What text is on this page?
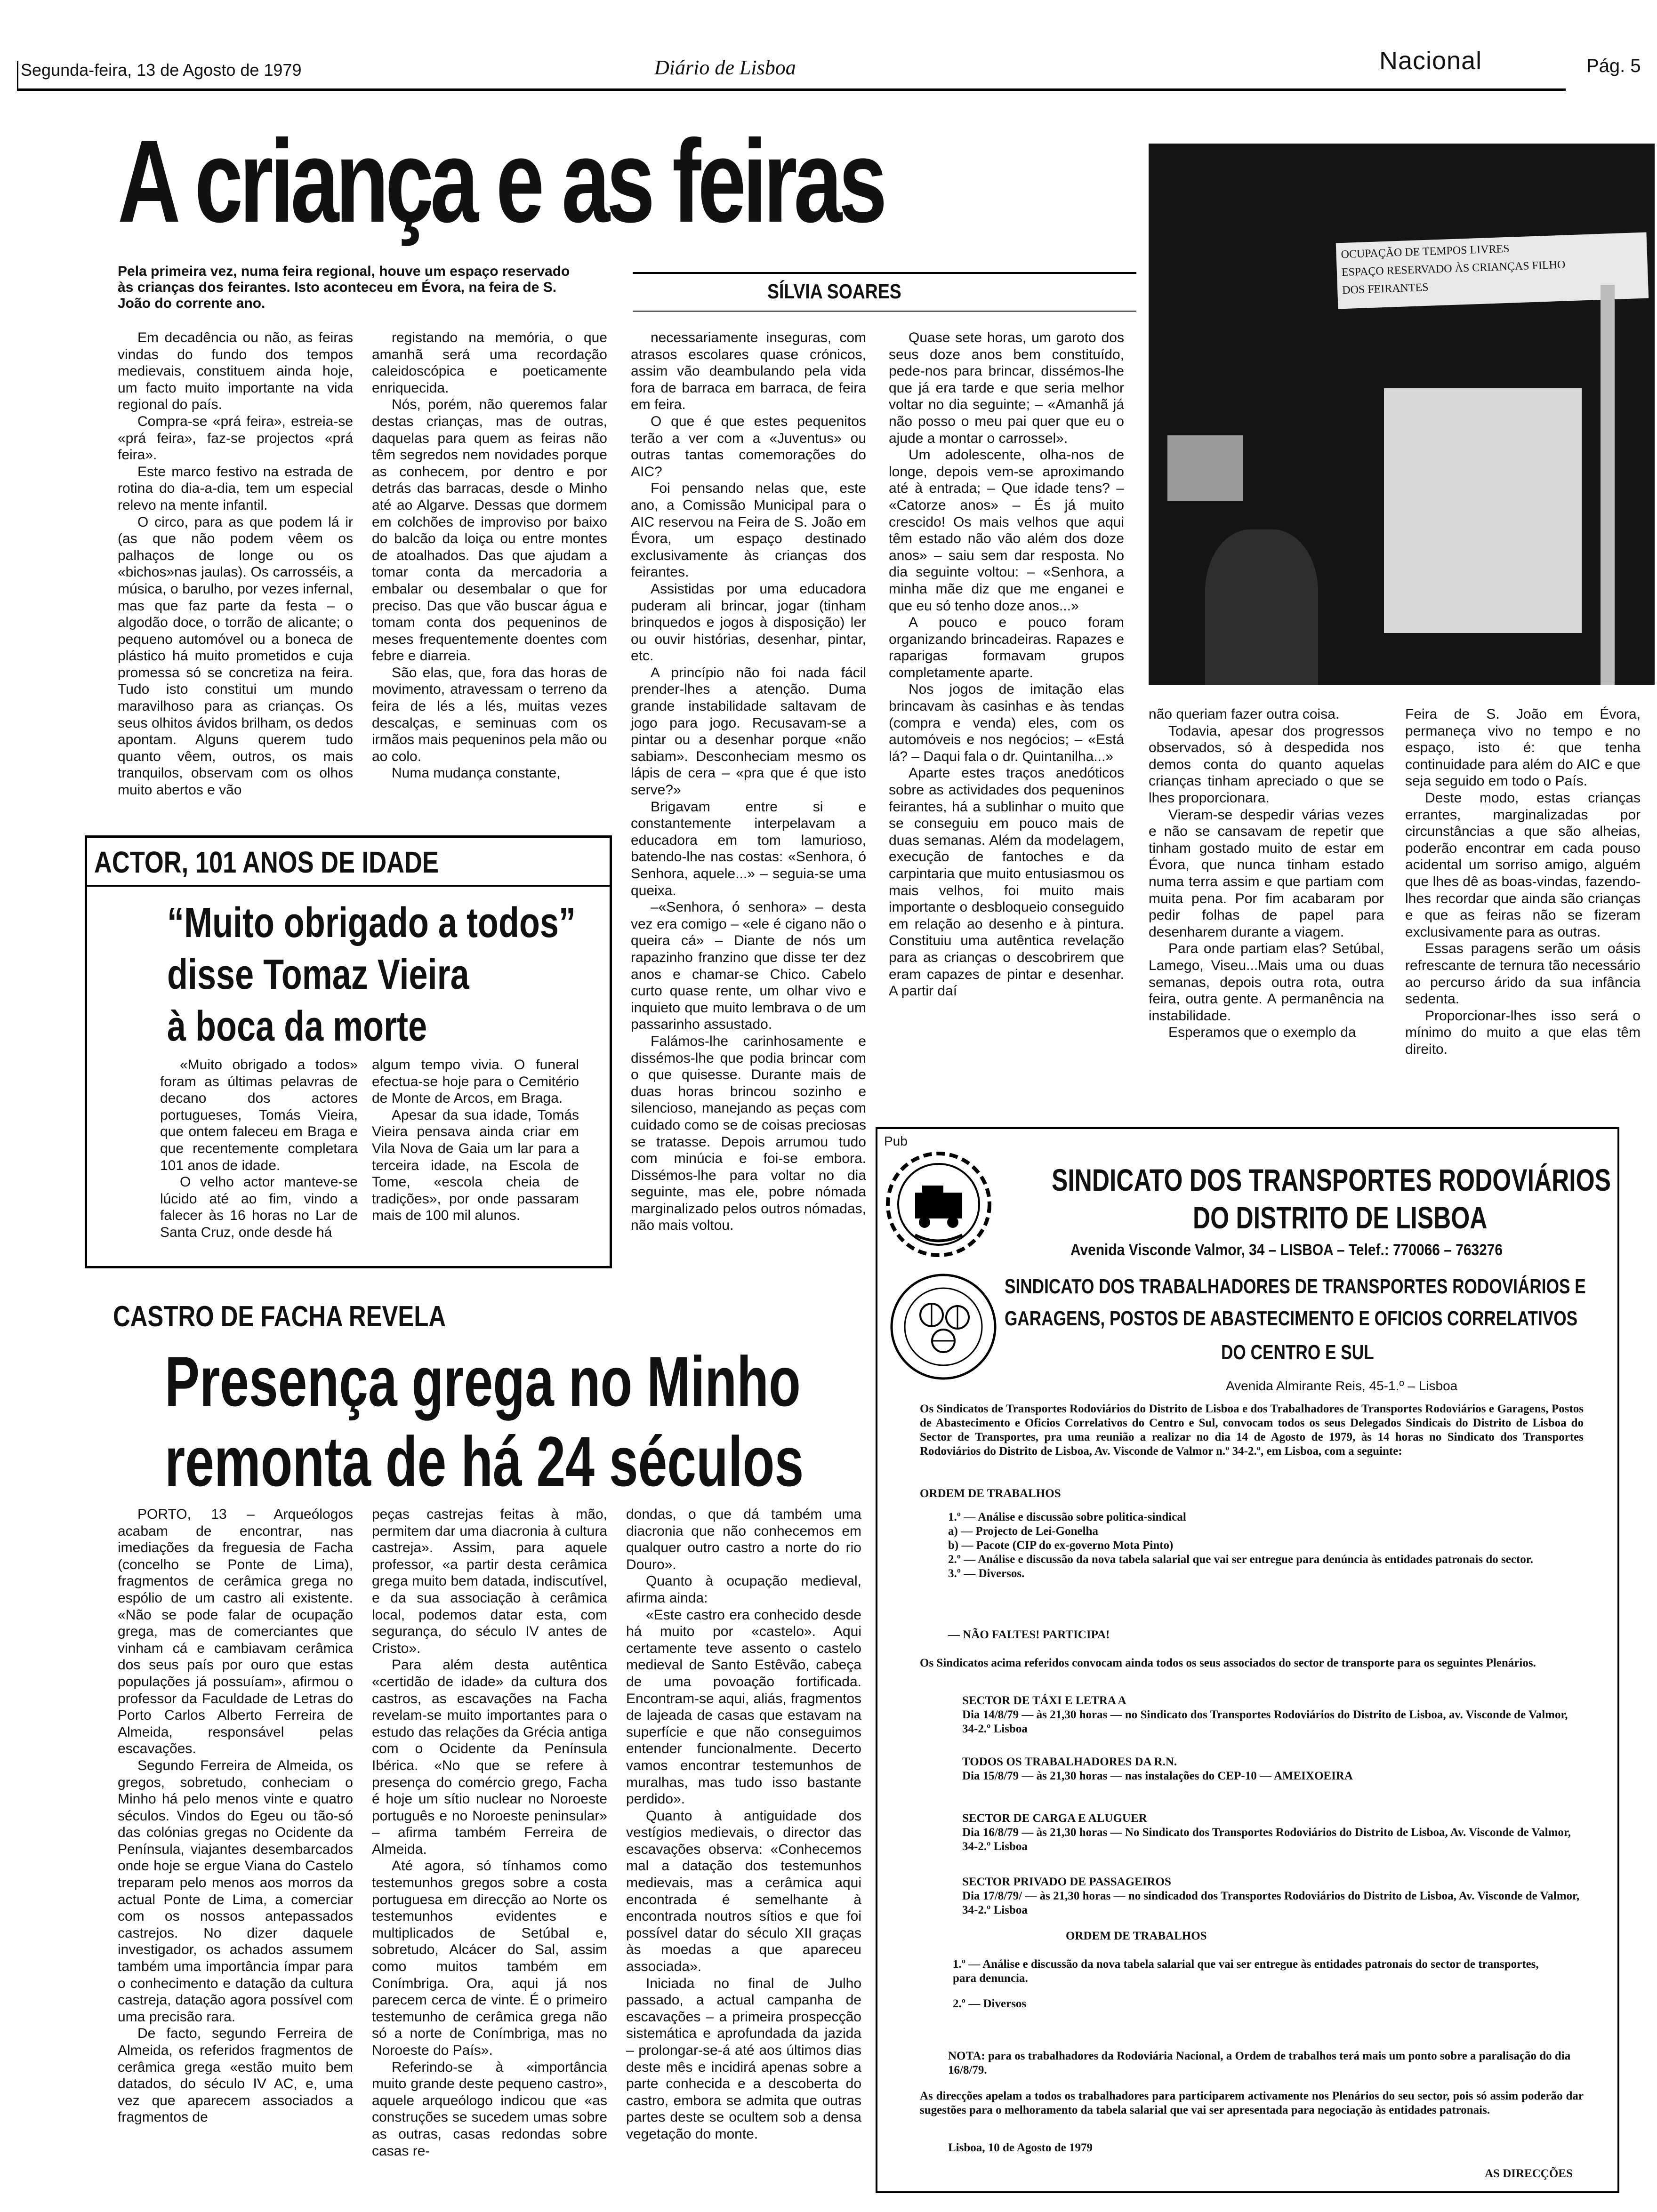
Segunda-feira, 13 de Agosto de 1979	Diário de Lisboa	Nacional	Pág. 5
A criança e as feiras
Pela primeira vez, numa feira regional, houve um espaço reservado às crianças dos feirantes. Isto aconteceu em Évora, na feira de S. João do corrente ano.
SÍLVIA SOARES
OCUPAÇÃO DE TEMPOS LIVRES
ESPAÇO RESERVADO ÀS CRIANÇAS FILHO
DOS FEIRANTES

Em decadência ou não, as feiras vindas do fundo dos tempos medievais, constituem ainda hoje, um facto muito importante na vida regional do país.

Compra-se «prá feira», estreia-se «prá feira», faz-se projectos «prá feira».

Este marco festivo na estrada de rotina do dia-a-dia, tem um especial relevo na mente infantil.

O circo, para as que podem lá ir (as que não podem vêem os palhaços de longe ou os «bichos»nas jaulas). Os carrosséis, a música, o barulho, por vezes infernal, mas que faz parte da festa – o algodão doce, o torrão de alicante; o pequeno automóvel ou a boneca de plástico há muito prometidos e cuja promessa só se concretiza na feira. Tudo isto constitui um mundo maravilhoso para as crianças. Os seus olhitos ávidos brilham, os dedos apontam. Alguns querem tudo quanto vêem, outros, os mais tranquilos, observam com os olhos muito abertos e vão

registando na memória, o que amanhã será uma recordação caleidoscópica e poeticamente enriquecida.

Nós, porém, não queremos falar destas crianças, mas de outras, daquelas para quem as feiras não têm segredos nem novidades porque as conhecem, por dentro e por detrás das barracas, desde o Minho até ao Algarve. Dessas que dormem em colchões de improviso por baixo do balcão da loiça ou entre montes de atoalhados. Das que ajudam a tomar conta da mercadoria a embalar ou desembalar o que for preciso. Das que vão buscar água e tomam conta dos pequeninos de meses frequentemente doentes com febre e diarreia.

São elas, que, fora das horas de movimento, atravessam o terreno da feira de lés a lés, muitas vezes descalças, e seminuas com os irmãos mais pequeninos pela mão ou ao colo.

Numa mudança constante,

necessariamente inseguras, com atrasos escolares quase crónicos, assim vão deambulando pela vida fora de barraca em barraca, de feira em feira.

O que é que estes pequenitos terão a ver com a «Juventus» ou outras tantas comemorações do AIC?

Foi pensando nelas que, este ano, a Comissão Municipal para o AIC reservou na Feira de S. João em Évora, um espaço destinado exclusivamente às crianças dos feirantes.

Assistidas por uma educadora puderam ali brincar, jogar (tinham brinquedos e jogos à disposição) ler ou ouvir histórias, desenhar, pintar, etc.

A princípio não foi nada fácil prender-lhes a atenção. Duma grande instabilidade saltavam de jogo para jogo. Recusavam-se a pintar ou a desenhar porque «não sabiam». Desconheciam mesmo os lápis de cera – «pra que é que isto serve?»

Brigavam entre si e constantemente interpelavam a educadora em tom lamurioso, batendo-lhe nas costas: «Senhora, ó Senhora, aquele...» – seguia-se uma queixa.

–«Senhora, ó senhora» – desta vez era comigo – «ele é cigano não o queira cá» – Diante de nós um rapazinho franzino que disse ter dez anos e chamar-se Chico. Cabelo curto quase rente, um olhar vivo e inquieto que muito lembrava o de um passarinho assustado.

Falámos-lhe carinhosamente e dissémos-lhe que podia brincar com o que quisesse. Durante mais de duas horas brincou sozinho e silencioso, manejando as peças com cuidado como se de coisas preciosas se tratasse. Depois arrumou tudo com minúcia e foi-se embora. Dissémos-lhe para voltar no dia seguinte, mas ele, pobre nómada marginalizado pelos outros nómadas, não mais voltou.

Quase sete horas, um garoto dos seus doze anos bem constituído, pede-nos para brincar, dissémos-lhe que já era tarde e que seria melhor voltar no dia seguinte; – «Amanhã já não posso o meu pai quer que eu o ajude a montar o carrossel».

Um adolescente, olha-nos de longe, depois vem-se aproximando até à entrada; – Que idade tens? – «Catorze anos» – És já muito crescido! Os mais velhos que aqui têm estado não vão além dos doze anos» – saiu sem dar resposta. No dia seguinte voltou: – «Senhora, a minha mãe diz que me enganei e que eu só tenho doze anos...»

A pouco e pouco foram organizando brincadeiras. Rapazes e raparigas formavam grupos completamente aparte.

Nos jogos de imitação elas brincavam às casinhas e às tendas (compra e venda) eles, com os automóveis e nos negócios; – «Está lá? – Daqui fala o dr. Quintanilha...»

Aparte estes traços anedóticos sobre as actividades dos pequeninos feirantes, há a sublinhar o muito que se conseguiu em pouco mais de duas semanas. Além da modelagem, execução de fantoches e da carpintaria que muito entusiasmou os mais velhos, foi muito mais importante o desbloqueio conseguido em relação ao desenho e à pintura. Constituiu uma autêntica revelação para as crianças o descobrirem que eram capazes de pintar e desenhar. A partir daí

não queriam fazer outra coisa.

Todavia, apesar dos progressos observados, só à despedida nos demos conta do quanto aquelas crianças tinham apreciado o que se lhes proporcionara.

Vieram-se despedir várias vezes e não se cansavam de repetir que tinham gostado muito de estar em Évora, que nunca tinham estado numa terra assim e que partiam com muita pena. Por fim acabaram por pedir folhas de papel para desenharem durante a viagem.

Para onde partiam elas? Setúbal, Lamego, Viseu...Mais uma ou duas semanas, depois outra rota, outra feira, outra gente. A permanência na instabilidade.

Esperamos que o exemplo da

Feira de S. João em Évora, permaneça vivo no tempo e no espaço, isto é: que tenha continuidade para além do AIC e que seja seguido em todo o País.

Deste modo, estas crianças errantes, marginalizadas por circunstâncias a que são alheias, poderão encontrar em cada pouso acidental um sorriso amigo, alguém que lhes dê as boas-vindas, fazendo-lhes recordar que ainda são crianças e que as feiras não se fizeram exclusivamente para as outras.

Essas paragens serão um oásis refrescante de ternura tão necessário ao percurso árido da sua infância sedenta.

Proporcionar-lhes isso será o mínimo do muito a que elas têm direito.

ACTOR, 101 ANOS DE IDADE
“Muito obrigado a todos”
disse Tomaz Vieira
à boca da morte

«Muito obrigado a todos» foram as últimas pelavras de decano dos actores portugueses, Tomás Vieira, que ontem faleceu em Braga e que recentemente completara 101 anos de idade.

O velho actor manteve-se lúcido até ao fim, vindo a falecer às 16 horas no Lar de Santa Cruz, onde desde há

algum tempo vivia. O funeral efectua-se hoje para o Cemitério de Monte de Arcos, em Braga.

Apesar da sua idade, Tomás Vieira pensava ainda criar em Vila Nova de Gaia um lar para a terceira idade, na Escola de Tome, «escola cheia de tradições», por onde passaram mais de 100 mil alunos.

CASTRO DE FACHA REVELA
Presença grega no Minho
remonta de há 24 séculos

PORTO, 13 – Arqueólogos acabam de encontrar, nas imediações da freguesia de Facha (concelho se Ponte de Lima), fragmentos de cerâmica grega no espólio de um castro ali existente. «Não se pode falar de ocupação grega, mas de comerciantes que vinham cá e cambiavam cerâmica dos seus país por ouro que estas populações já possuíam», afirmou o professor da Faculdade de Letras do Porto Carlos Alberto Ferreira de Almeida, responsável pelas escavações.

Segundo Ferreira de Almeida, os gregos, sobretudo, conheciam o Minho há pelo menos vinte e quatro séculos. Vindos do Egeu ou tão-só das colónias gregas no Ocidente da Península, viajantes desembarcados onde hoje se ergue Viana do Castelo treparam pelo menos aos morros da actual Ponte de Lima, a comerciar com os nossos antepassados castrejos. No dizer daquele investigador, os achados assumem também uma importância ímpar para o conhecimento e datação da cultura castreja, datação agora possível com uma precisão rara.

De facto, segundo Ferreira de Almeida, os referidos fragmentos de cerâmica grega «estão muito bem datados, do século IV AC, e, uma vez que aparecem associados a fragmentos de

peças castrejas feitas à mão, permitem dar uma diacronia à cultura castreja». Assim, para aquele professor, «a partir desta cerâmica grega muito bem datada, indiscutível, e da sua associação à cerâmica local, podemos datar esta, com segurança, do século IV antes de Cristo».

Para além desta autêntica «certidão de idade» da cultura dos castros, as escavações na Facha revelam-se muito importantes para o estudo das relações da Grécia antiga com o Ocidente da Península Ibérica. «No que se refere à presença do comércio grego, Facha é hoje um sítio nuclear no Noroeste português e no Noroeste peninsular» – afirma também Ferreira de Almeida.

Até agora, só tínhamos como testemunhos gregos sobre a costa portuguesa em direcção ao Norte os testemunhos evidentes e multiplicados de Setúbal e, sobretudo, Alcácer do Sal, assim como muitos também em Conímbriga. Ora, aqui já nos parecem cerca de vinte. É o primeiro testemunho de cerâmica grega não só a norte de Conímbriga, mas no Noroeste do País».

Referindo-se à «importância muito grande deste pequeno castro», aquele arqueólogo indicou que «as construções se sucedem umas sobre as outras, casas redondas sobre casas re-

dondas, o que dá também uma diacronia que não conhecemos em qualquer outro castro a norte do rio Douro».

Quanto à ocupação medieval, afirma ainda:

«Este castro era conhecido desde há muito por «castelo». Aqui certamente teve assento o castelo medieval de Santo Estêvão, cabeça de uma povoação fortificada. Encontram-se aqui, aliás, fragmentos de lajeada de casas que estavam na superfície e que não conseguimos entender funcionalmente. Decerto vamos encontrar testemunhos de muralhas, mas tudo isso bastante perdido».

Quanto à antiguidade dos vestígios medievais, o director das escavações observa: «Conhecemos mal a datação dos testemunhos medievais, mas a cerâmica aqui encontrada é semelhante à encontrada noutros sítios e que foi possível datar do século XII graças às moedas a que apareceu associada».

Iniciada no final de Julho passado, a actual campanha de escavações – a primeira prospecção sistemática e aprofundada da jazida – prolongar-se-á até aos últimos dias deste mês e incidirá apenas sobre a parte conhecida e a descoberta do castro, embora se admita que outras partes deste se ocultem sob a densa vegetação do monte.

Pub
SINDICATO DOS TRANSPORTES RODOVIÁRIOS
DO DISTRITO DE LISBOA
Avenida Visconde Valmor, 34 – LISBOA – Telef.: 770066 – 763276
SINDICATO DOS TRABALHADORES DE TRANSPORTES RODOVIÁRIOS E
GARAGENS, POSTOS DE ABASTECIMENTO E OFICIOS CORRELATIVOS
DO CENTRO E SUL
Avenida Almirante Reis, 45-1.º – Lisboa
Os Sindicatos de Transportes Rodoviários do Distrito de Lisboa e dos Trabalhadores de Transportes Rodoviários e Garagens, Postos de Abastecimento e Oficios Correlativos do Centro e Sul, convocam todos os seus Delegados Sindicais do Distrito de Lisboa do Sector de Transportes, pra uma reunião a realizar no dia 14 de Agosto de 1979, às 14 horas no Sindicato dos Transportes Rodoviários do Distrito de Lisboa, Av. Visconde de Valmor n.º 34-2.º, em Lisboa, com a seguinte:
ORDEM DE TRABALHOS
1.º — Análise e discussão sobre politica-sindical
a) — Projecto de Lei-Gonelha
b) — Pacote (CIP do ex-governo Mota Pinto)
2.º — Análise e discussão da nova tabela salarial que vai ser entregue para denúncia às entidades patronais do sector.
3.º — Diversos.
— NÃO FALTES! PARTICIPA!
Os Sindicatos acima referidos convocam ainda todos os seus associados do sector de transporte para os seguintes Plenários.
SECTOR DE TÁXI E LETRA A
Dia 14/8/79 — às 21,30 horas — no Sindicato dos Transportes Rodoviários do Distrito de Lisboa, av. Visconde de Valmor, 34-2.º Lisboa
TODOS OS TRABALHADORES DA R.N.
Dia 15/8/79 — às 21,30 horas — nas instalações do CEP-10 — AMEIXOEIRA
SECTOR DE CARGA E ALUGUER
Dia 16/8/79 — às 21,30 horas — No Sindicato dos Transportes Rodoviários do Distrito de Lisboa, Av. Visconde de Valmor, 34-2.º Lisboa
SECTOR PRIVADO DE PASSAGEIROS
Dia 17/8/79/ — às 21,30 horas — no sindicadod dos Transportes Rodoviários do Distrito de Lisboa, Av. Visconde de Valmor, 34-2.º Lisboa
ORDEM DE TRABALHOS
1.º — Análise e discussão da nova tabela salarial que vai ser entregue às entidades patronais do sector de transportes, para denuncia.
2.º — Diversos
NOTA: para os trabalhadores da Rodoviária Nacional, a Ordem de trabalhos terá mais um ponto sobre a paralisação do dia 16/8/79.
As direcções apelam a todos os trabalhadores para participarem activamente nos Plenários do seu sector, pois só assim poderão dar sugestões para o melhoramento da tabela salarial que vai ser apresentada para negociação às entidades patronais.
Lisboa, 10 de Agosto de 1979
AS DIRECÇÕES
